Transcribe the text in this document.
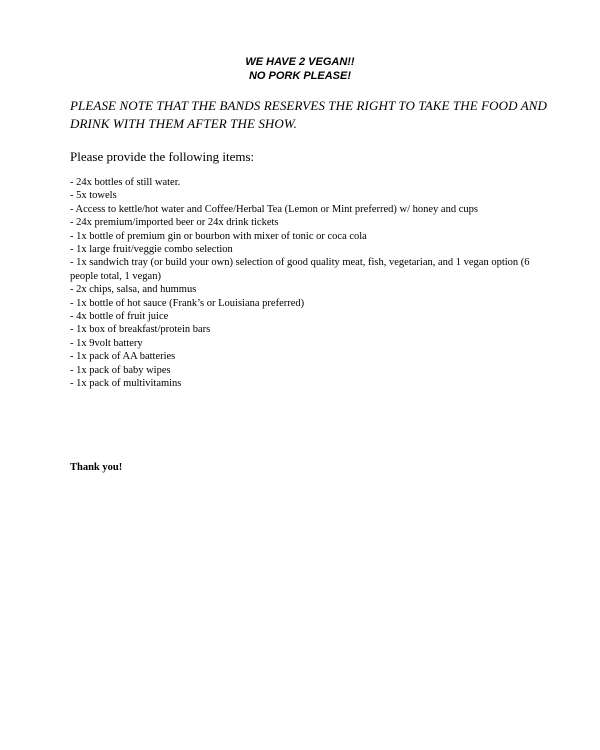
WE HAVE 2 VEGAN!!
NO PORK PLEASE!
PLEASE NOTE THAT THE BANDS RESERVES THE RIGHT TO TAKE THE FOOD AND DRINK WITH THEM AFTER THE SHOW.
Please provide the following items:
- 24x bottles of still water.
- 5x towels
- Access to kettle/hot water and Coffee/Herbal Tea (Lemon or Mint preferred) w/ honey and cups
- 24x premium/imported beer or 24x drink tickets
- 1x bottle of premium gin or bourbon with mixer of tonic or coca cola
- 1x large fruit/veggie combo selection
- 1x sandwich tray (or build your own) selection of good quality meat, fish, vegetarian, and 1 vegan option (6 people total, 1 vegan)
- 2x chips, salsa, and hummus
- 1x bottle of hot sauce (Frank’s or Louisiana preferred)
- 4x bottle of fruit juice
- 1x box of breakfast/protein bars
- 1x 9volt battery
- 1x pack of AA batteries
- 1x pack of baby wipes
- 1x pack of multivitamins
Thank you!
